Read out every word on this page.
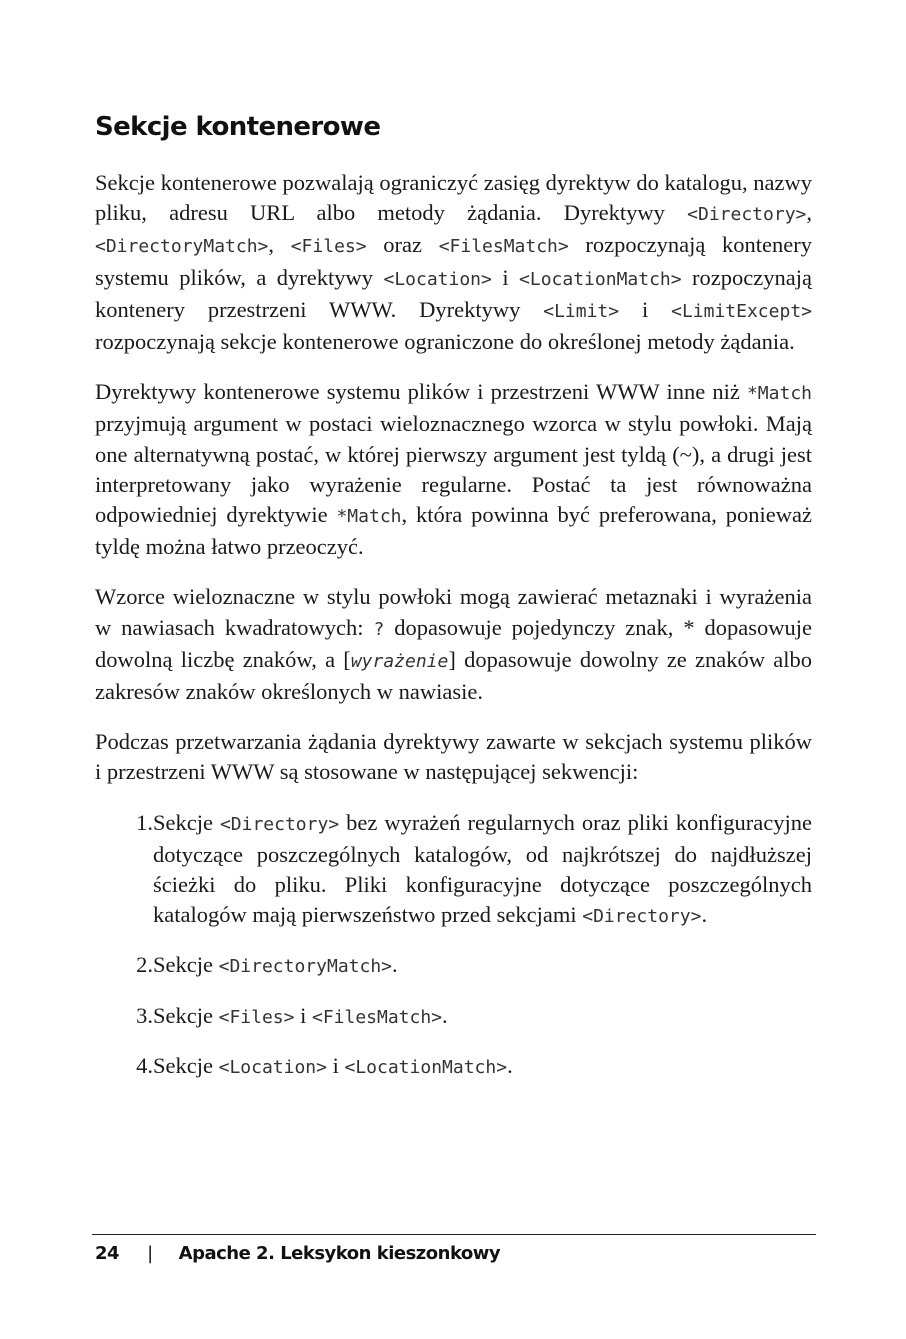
Sekcje kontenerowe

Sekcje kontenerowe pozwalają ograniczyć zasięg dyrektyw do katalogu, nazwy pliku, adresu URL albo metody żądania. Dyrektywy <Directory>, <DirectoryMatch>, <Files> oraz <FilesMatch> rozpoczynają kontenery systemu plików, a dyrektywy <Location> i <LocationMatch> rozpoczynają kontenery przestrzeni WWW. Dyrektywy <Limit> i <LimitExcept> rozpoczynają sekcje kontenerowe ograniczone do określonej metody żądania.

Dyrektywy kontenerowe systemu plików i przestrzeni WWW inne niż *Match przyjmują argument w postaci wieloznacznego wzorca w stylu powłoki. Mają one alternatywną postać, w której pierwszy argument jest tyldą (~), a drugi jest interpretowany jako wyrażenie regularne. Postać ta jest równoważna odpowiedniej dyrektywie *Match, która powinna być preferowana, ponieważ tyldę można łatwo przeoczyć.

Wzorce wieloznaczne w stylu powłoki mogą zawierać metaznaki i wyrażenia w nawiasach kwadratowych: ? dopasowuje pojedynczy znak, * dopasowuje dowolną liczbę znaków, a [wyrażenie] dopasowuje dowolny ze znaków albo zakresów znaków określonych w nawiasie.

Podczas przetwarzania żądania dyrektywy zawarte w sekcjach systemu plików i przestrzeni WWW są stosowane w następującej sekwencji:

1. Sekcje <Directory> bez wyrażeń regularnych oraz pliki konfiguracyjne dotyczące poszczególnych katalogów, od najkrótszej do najdłuższej ścieżki do pliku. Pliki konfiguracyjne dotyczące poszczególnych katalogów mają pierwszeństwo przed sekcjami <Directory>.
2. Sekcje <DirectoryMatch>.
3. Sekcje <Files> i <FilesMatch>.
4. Sekcje <Location> i <LocationMatch>.
24 | Apache 2. Leksykon kieszonkowy
